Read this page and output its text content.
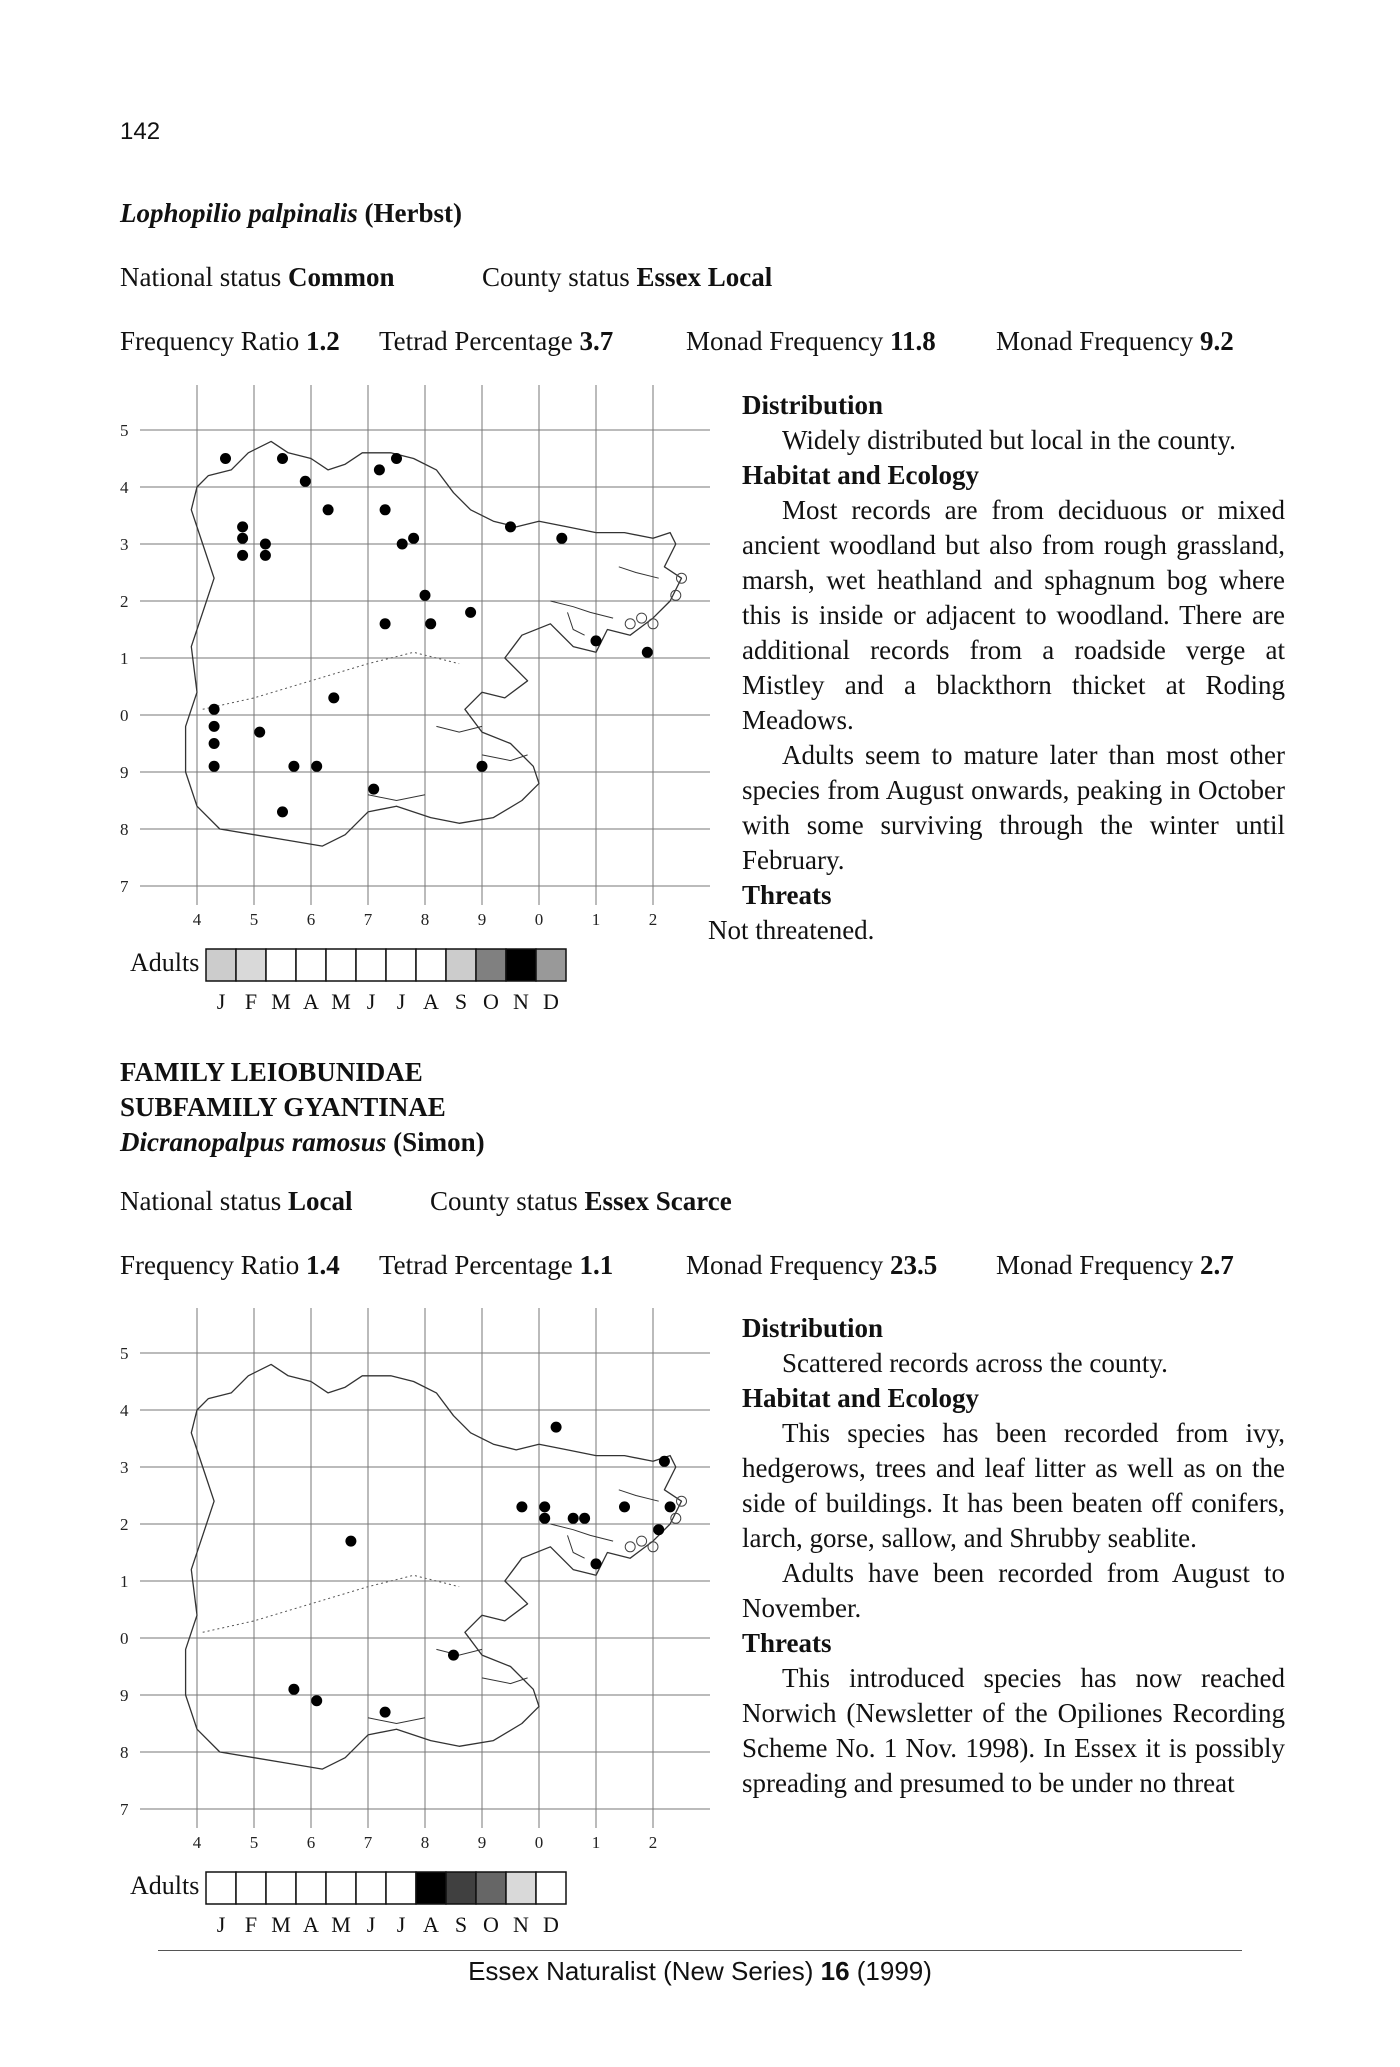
142
Lophopilio palpinalis (Herbst)
National status Common	County status Essex Local
Frequency Ratio 1.2 Tetrad Percentage 3.7	Monad Frequency 11.8 Monad Frequency 9.2
5
4
3
2
1
0
9
8
7
4	5	6	7	8	9	0	1	2
Adults
J F M A M J J A S O N D
Distribution

Widely distributed but local in the county.

Habitat and Ecology

Most records are from deciduous or mixed ancient woodland but also from rough grassland, marsh, wet heathland and sphagnum bog where this is inside or adjacent to woodland. There are additional records from a roadside verge at Mistley and a blackthorn thicket at Roding Meadows.

Adults seem to mature later than most other species from August onwards, peaking in October with some surviving through the winter until February.

Threats

Not threatened.

FAMILY LEIOBUNIDAE
SUBFAMILY GYANTINAE
Dicranopalpus ramosus (Simon)
National status Local	County status Essex Scarce
Frequency Ratio 1.4 Tetrad Percentage 1.1	Monad Frequency 23.5 Monad Frequency 2.7
5
4
3
2
1
0
9
8
7
4	5	6	7	8	9	0	1	2
Adults
J F M A M J J A S O N D
Distribution

Scattered records across the county.

Habitat and Ecology

This species has been recorded from ivy, hedgerows, trees and leaf litter as well as on the side of buildings. It has been beaten off conifers, larch, gorse, sallow, and Shrubby seablite.

Adults have been recorded from August to November.

Threats

This introduced species has now reached Norwich (Newsletter of the Opiliones Recording Scheme No. 1 Nov. 1998). In Essex it is possibly spreading and presumed to be under no threat

Essex Naturalist (New Series) 16 (1999)
